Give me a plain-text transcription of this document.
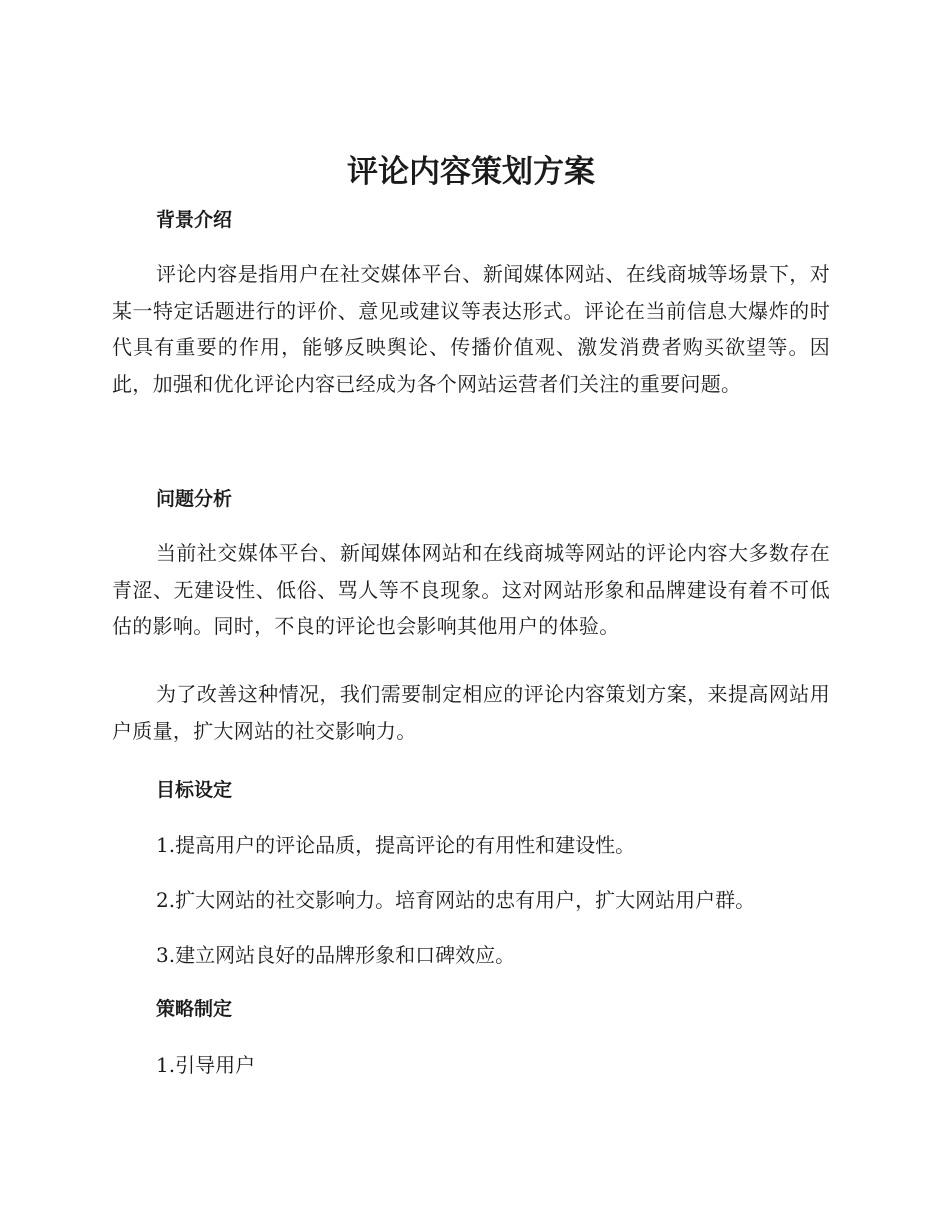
评论内容策划方案
背景介绍

评论内容是指用户在社交媒体平台、新闻媒体网站、在线商城等场景下，对某一特定话题进行的评价、意见或建议等表达形式。评论在当前信息大爆炸的时代具有重要的作用，能够反映舆论、传播价值观、激发消费者购买欲望等。因此，加强和优化评论内容已经成为各个网站运营者们关注的重要问题。

问题分析

当前社交媒体平台、新闻媒体网站和在线商城等网站的评论内容大多数存在青涩、无建设性、低俗、骂人等不良现象。这对网站形象和品牌建设有着不可低估的影响。同时，不良的评论也会影响其他用户的体验。

为了改善这种情况，我们需要制定相应的评论内容策划方案，来提高网站用户质量，扩大网站的社交影响力。

目标设定

1.提高用户的评论品质，提高评论的有用性和建设性。

2.扩大网站的社交影响力。培育网站的忠有用户，扩大网站用户群。

3.建立网站良好的品牌形象和口碑效应。

策略制定

1.引导用户
